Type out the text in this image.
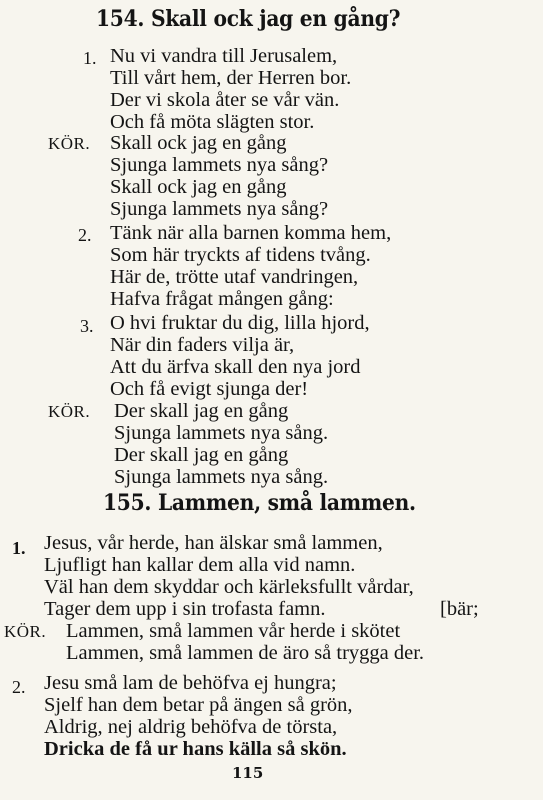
154. Skall ock jag en gång?
1. Nu vi vandra till Jerusalem,
Till vårt hem, der Herren bor.
Der vi skola åter se vår vän.
Och få möta slägten stor.
KÖR. Skall ock jag en gång
Sjunga lammets nya sång?
Skall ock jag en gång
Sjunga lammets nya sång?
2. Tänk när alla barnen komma hem,
Som här tryckts af tidens tvång.
Här de, trötte utaf vandringen,
Hafva frågat mången gång:
3. O hvi fruktar du dig, lilla hjord,
När din faders vilja är,
Att du ärfva skall den nya jord
Och få evigt sjunga der!
KÖR. Der skall jag en gång
Sjunga lammets nya sång.
Der skall jag en gång
Sjunga lammets nya sång.
155. Lammen, små lammen.
1. Jesus, vår herde, han älskar små lammen,
Ljufligt han kallar dem alla vid namn.
Väl han dem skyddar och kärleksfullt vårdar,
Tager dem upp i sin trofasta famn.	[bär;
KÖR. Lammen, små lammen vår herde i skötet
Lammen, små lammen de äro så trygga der.
2. Jesu små lam de behöfva ej hungra;
Sjelf han dem betar på ängen så grön,
Aldrig, nej aldrig behöfva de törsta,
Dricka de få ur hans källa så skön.
115
